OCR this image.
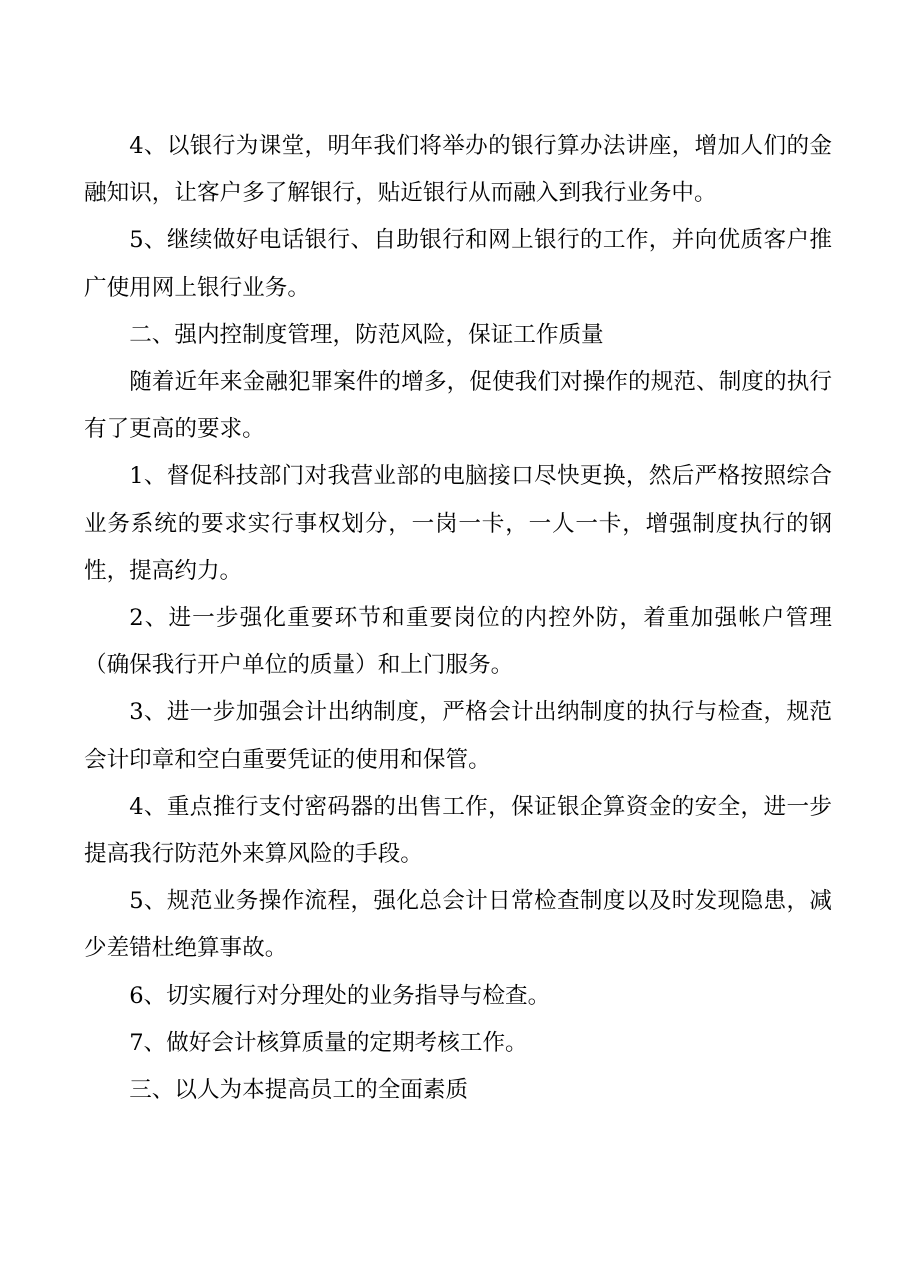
4、以银行为课堂，明年我们将举办的银行算办法讲座，增加人们的金融知识，让客户多了解银行，贴近银行从而融入到我行业务中。

5、继续做好电话银行、自助银行和网上银行的工作，并向优质客户推广使用网上银行业务。

二、强内控制度管理，防范风险，保证工作质量

随着近年来金融犯罪案件的增多，促使我们对操作的规范、制度的执行有了更高的要求。

1、督促科技部门对我营业部的电脑接口尽快更换，然后严格按照综合业务系统的要求实行事权划分，一岗一卡，一人一卡，增强制度执行的钢性，提高约力。

2、进一步强化重要环节和重要岗位的内控外防，着重加强帐户管理（确保我行开户单位的质量）和上门服务。

3、进一步加强会计出纳制度，严格会计出纳制度的执行与检查，规范会计印章和空白重要凭证的使用和保管。

4、重点推行支付密码器的出售工作，保证银企算资金的安全，进一步提高我行防范外来算风险的手段。

5、规范业务操作流程，强化总会计日常检查制度以及时发现隐患，减少差错杜绝算事故。

6、切实履行对分理处的业务指导与检查。

7、做好会计核算质量的定期考核工作。

三、以人为本提高员工的全面素质
